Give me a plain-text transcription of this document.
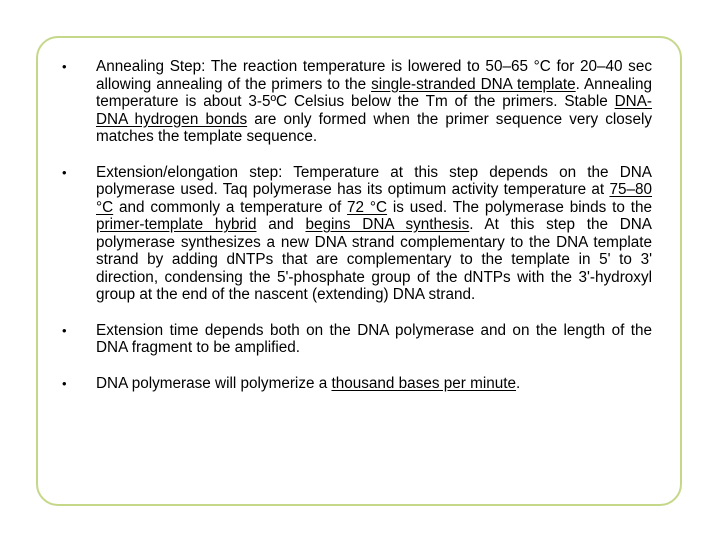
• Annealing Step: The reaction temperature is lowered to 50–65 °C for 20–40 sec allowing annealing of the primers to the single-stranded DNA template. Annealing temperature is about 3-5ºC Celsius below the Tm of the primers. Stable DNA-DNA hydrogen bonds are only formed when the primer sequence very closely matches the template sequence.
• Extension/elongation step: Temperature at this step depends on the DNA polymerase used. Taq polymerase has its optimum activity temperature at 75–80 °C and commonly a temperature of 72 °C is used. The polymerase binds to the primer-template hybrid and begins DNA synthesis. At this step the DNA polymerase synthesizes a new DNA strand complementary to the DNA template strand by adding dNTPs that are complementary to the template in 5' to 3' direction, condensing the 5'-phosphate group of the dNTPs with the 3'-hydroxyl group at the end of the nascent (extending) DNA strand.
• Extension time depends both on the DNA polymerase and on the length of the DNA fragment to be amplified.
• DNA polymerase will polymerize a thousand bases per minute.
